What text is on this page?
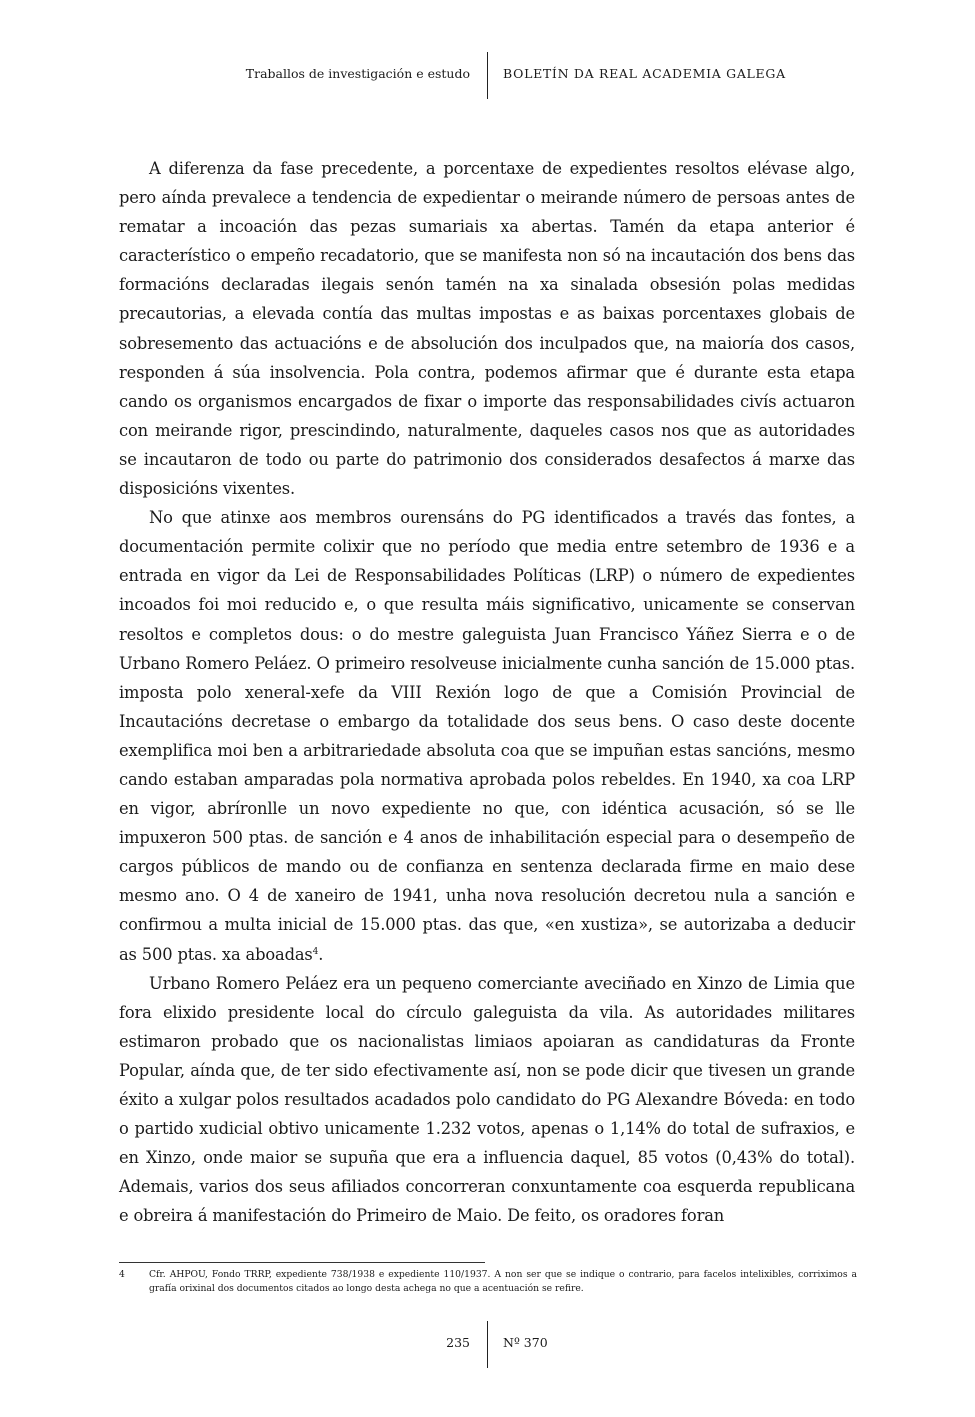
Traballos de investigación e estudo	BOLETÍN DA REAL ACADEMIA GALEGA

A diferenza da fase precedente, a porcentaxe de expedientes resoltos elévase algo, pero aínda prevalece a tendencia de expedientar o meirande número de persoas antes de rematar a incoación das pezas sumariais xa abertas. Tamén da etapa anterior é característico o empeño recadatorio, que se manifesta non só na incautación dos bens das formacións declaradas ilegais senón tamén na xa sinalada obsesión polas medidas precautorias, a elevada contía das multas impostas e as baixas porcentaxes globais de sobresemento das actuacións e de absolución dos inculpados que, na maioría dos casos, responden á súa insolvencia. Pola contra, podemos afirmar que é durante esta etapa cando os organismos encargados de fixar o importe das responsabilidades civís actuaron con meirande rigor, prescindindo, naturalmente, daqueles casos nos que as autoridades se incautaron de todo ou parte do patrimonio dos considerados desafectos á marxe das disposicións vixentes.

No que atinxe aos membros ourensáns do PG identificados a través das fontes, a documentación permite colixir que no período que media entre setembro de 1936 e a entrada en vigor da Lei de Responsabilidades Políticas (LRP) o número de expedientes incoados foi moi reducido e, o que resulta máis significativo, unicamente se conservan resoltos e completos dous: o do mestre galeguista Juan Francisco Yáñez Sierra e o de Urbano Romero Peláez. O primeiro resolveuse inicialmente cunha sanción de 15.000 ptas. imposta polo xeneral-xefe da VIII Rexión logo de que a Comisión Provincial de Incautacións decretase o embargo da totalidade dos seus bens. O caso deste docente exemplifica moi ben a arbitrariedade absoluta coa que se impuñan estas sancións, mesmo cando estaban amparadas pola normativa aprobada polos rebeldes. En 1940, xa coa LRP en vigor, abríronlle un novo expediente no que, con idéntica acusación, só se lle impuxeron 500 ptas. de sanción e 4 anos de inhabilitación especial para o desempeño de cargos públicos de mando ou de confianza en sentenza declarada firme en maio dese mesmo ano. O 4 de xaneiro de 1941, unha nova resolución decretou nula a sanción e confirmou a multa inicial de 15.000 ptas. das que, «en xustiza», se autorizaba a deducir as 500 ptas. xa aboadas$^4$.

Urbano Romero Peláez era un pequeno comerciante aveciñado en Xinzo de Limia que fora elixido presidente local do círculo galeguista da vila. As autoridades militares estimaron probado que os nacionalistas limiaos apoiaran as candidaturas da Fronte Popular, aínda que, de ter sido efectivamente así, non se pode dicir que tivesen un grande éxito a xulgar polos resultados acadados polo candidato do PG Alexandre Bóveda: en todo o partido xudicial obtivo unicamente 1.232 votos, apenas o 1,14% do total de sufraxios, e en Xinzo, onde maior se supuña que era a influencia daquel, 85 votos (0,43% do total). Ademais, varios dos seus afiliados concorreran conxuntamente coa esquerda republicana e obreira á manifestación do Primeiro de Maio. De feito, os oradores foran

4	Cfr. AHPOU, Fondo TRRP, expediente 738/1938 e expediente 110/1937. A non ser que se indique o contrario, para facelos intelixibles, corriximos a grafía orixinal dos documentos citados ao longo desta achega no que a acentuación se refire.
235	Nº 370
